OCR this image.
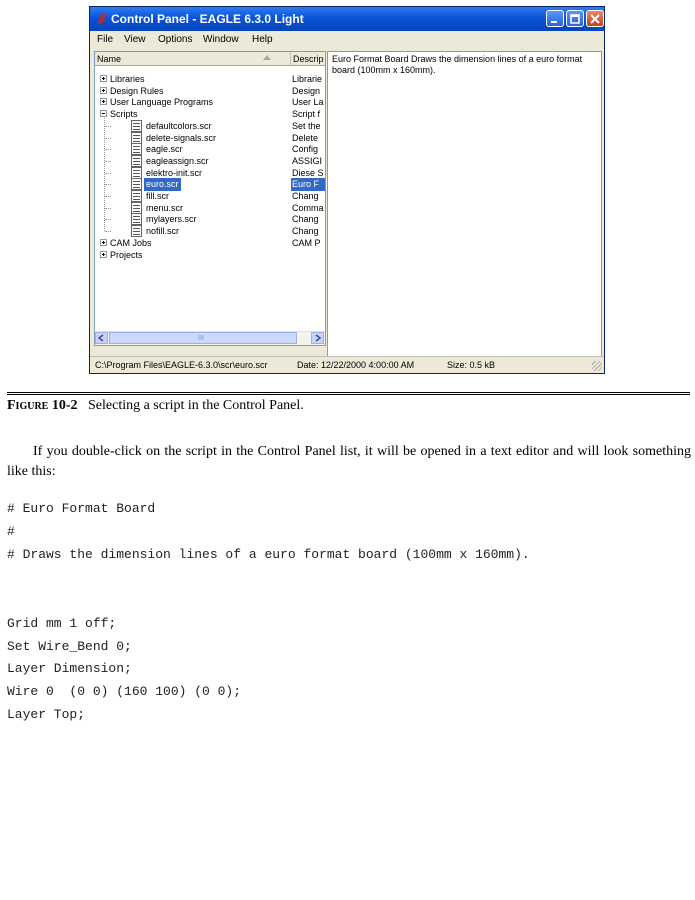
Control Panel - EAGLE 6.3.0 Light
File View Options Window Help
Name	Descrip
Libraries	Librarie
Design Rules	Design
User Language Programs	User La
Scripts	Script f
defaultcolors.scr	Set the
delete-signals.scr	Delete
eagle.scr	Config
eagleassign.scr	ASSIGI
elektro-init.scr	Diese S
euro.scr	Euro F
fill.scr	Chang
menu.scr	Comma
mylayers.scr	Chang
nofill.scr	Chang
CAM Jobs	CAM P
Projects
III
Euro Format Board Draws the dimension lines of a euro format board (100mm x 160mm).
C:\Program Files\EAGLE-6.3.0\scr\euro.scr	Date: 12/22/2000 4:00:00 AM	Size: 0.5 kB
Figure 10-2 Selecting a script in the Control Panel.
If you double-click on the script in the Control Panel list, it will be opened in a text editor and will look something like this:
# Euro Format Board
#
# Draws the dimension lines of a euro format board (100mm x 160mm).
Grid mm 1 off;
Set Wire_Bend 0;
Layer Dimension;
Wire 0  (0 0) (160 100) (0 0);
Layer Top;
